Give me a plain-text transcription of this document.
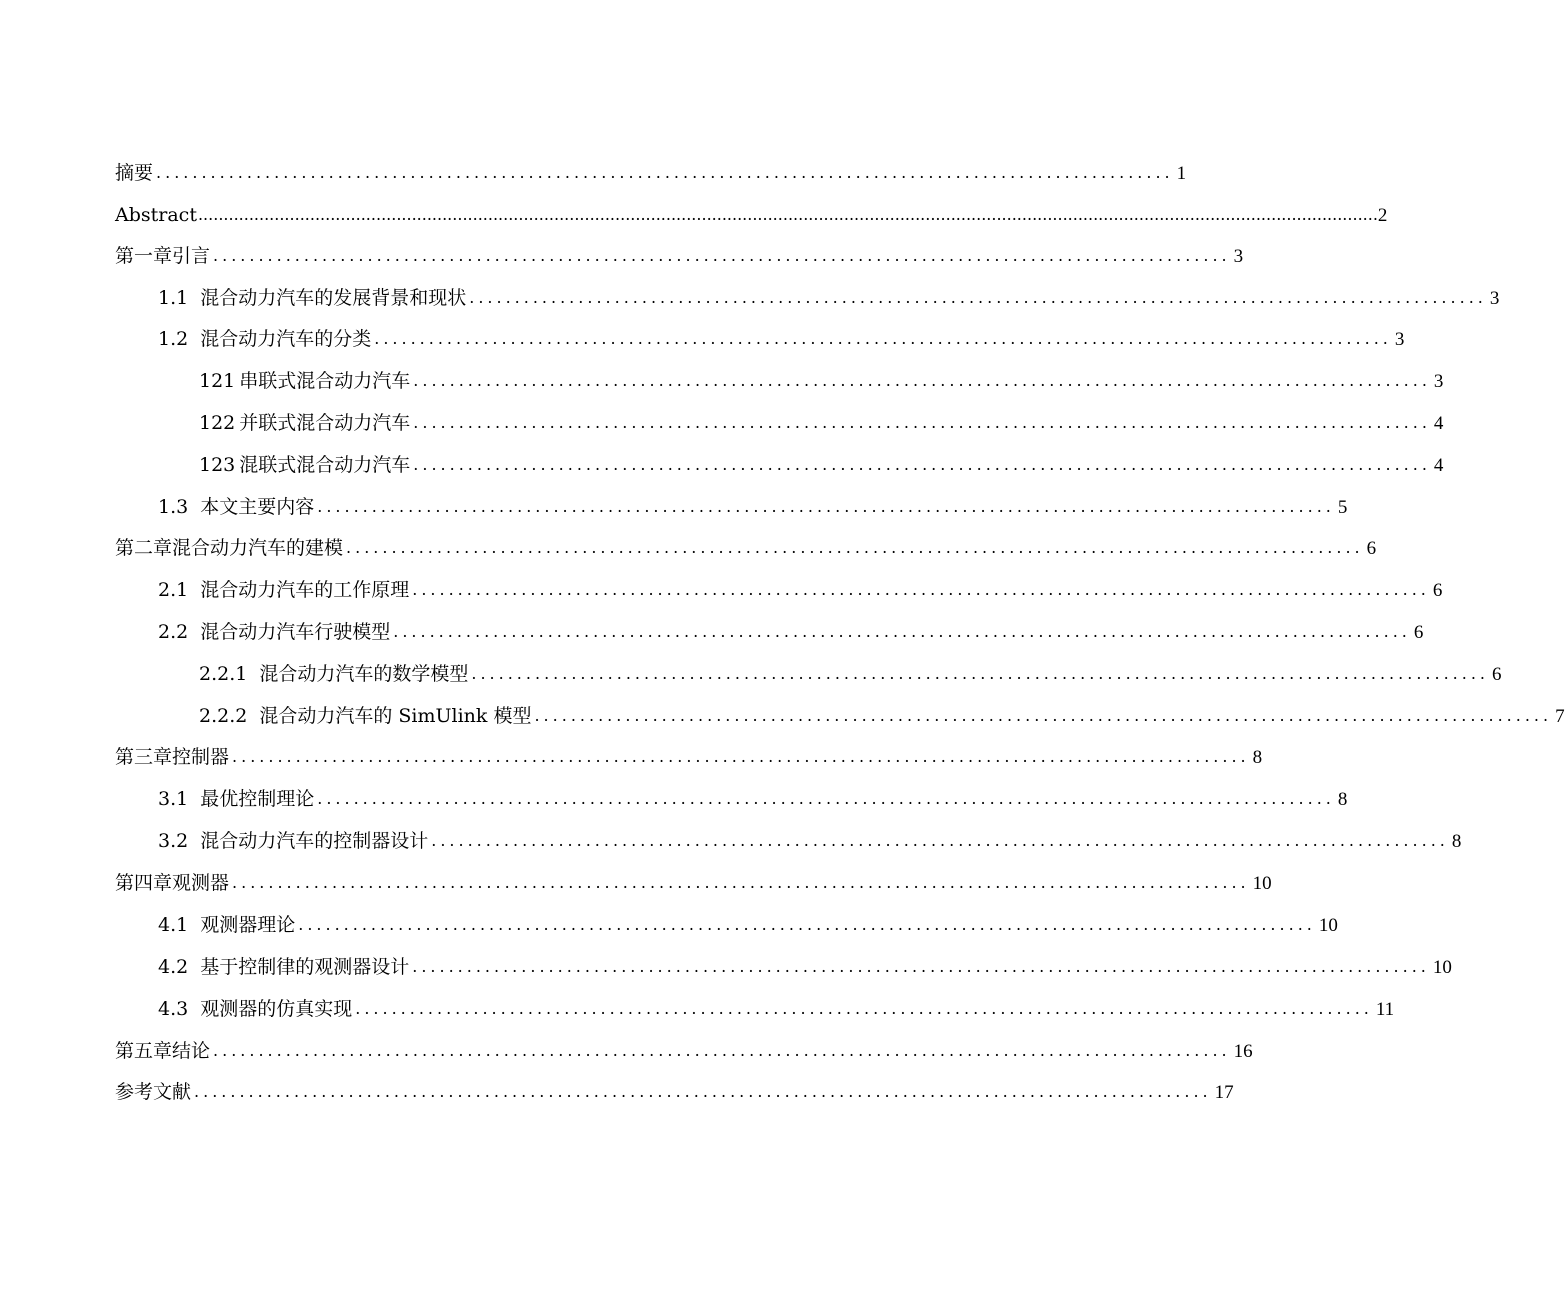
摘要 ................................................................................................................ 1
Abstract ........................................................................................................................................................................................................................................ 2
第一章引言 ................................................................................................................ 3
1.1 混合动力汽车的发展背景和现状 ................................................................................................................ 3
1.2 混合动力汽车的分类 ................................................................................................................ 3
121 串联式混合动力汽车 ................................................................................................................ 3
122 并联式混合动力汽车 ................................................................................................................ 4
123 混联式混合动力汽车 ................................................................................................................ 4
1.3 本文主要内容 ................................................................................................................ 5
第二章混合动力汽车的建模 ................................................................................................................ 6
2.1 混合动力汽车的工作原理 ................................................................................................................ 6
2.2 混合动力汽车行驶模型 ................................................................................................................ 6
2.2.1 混合动力汽车的数学模型 ................................................................................................................ 6
2.2.2 混合动力汽车的 SimUlink 模型 ................................................................................................................ 7
第三章控制器 ................................................................................................................ 8
3.1 最优控制理论 ................................................................................................................ 8
3.2 混合动力汽车的控制器设计 ................................................................................................................ 8
第四章观测器 ................................................................................................................ 10
4.1 观测器理论 ................................................................................................................ 10
4.2 基于控制律的观测器设计 ................................................................................................................ 10
4.3 观测器的仿真实现 ................................................................................................................ 11
第五章结论 ................................................................................................................ 16
参考文献 ................................................................................................................ 17
